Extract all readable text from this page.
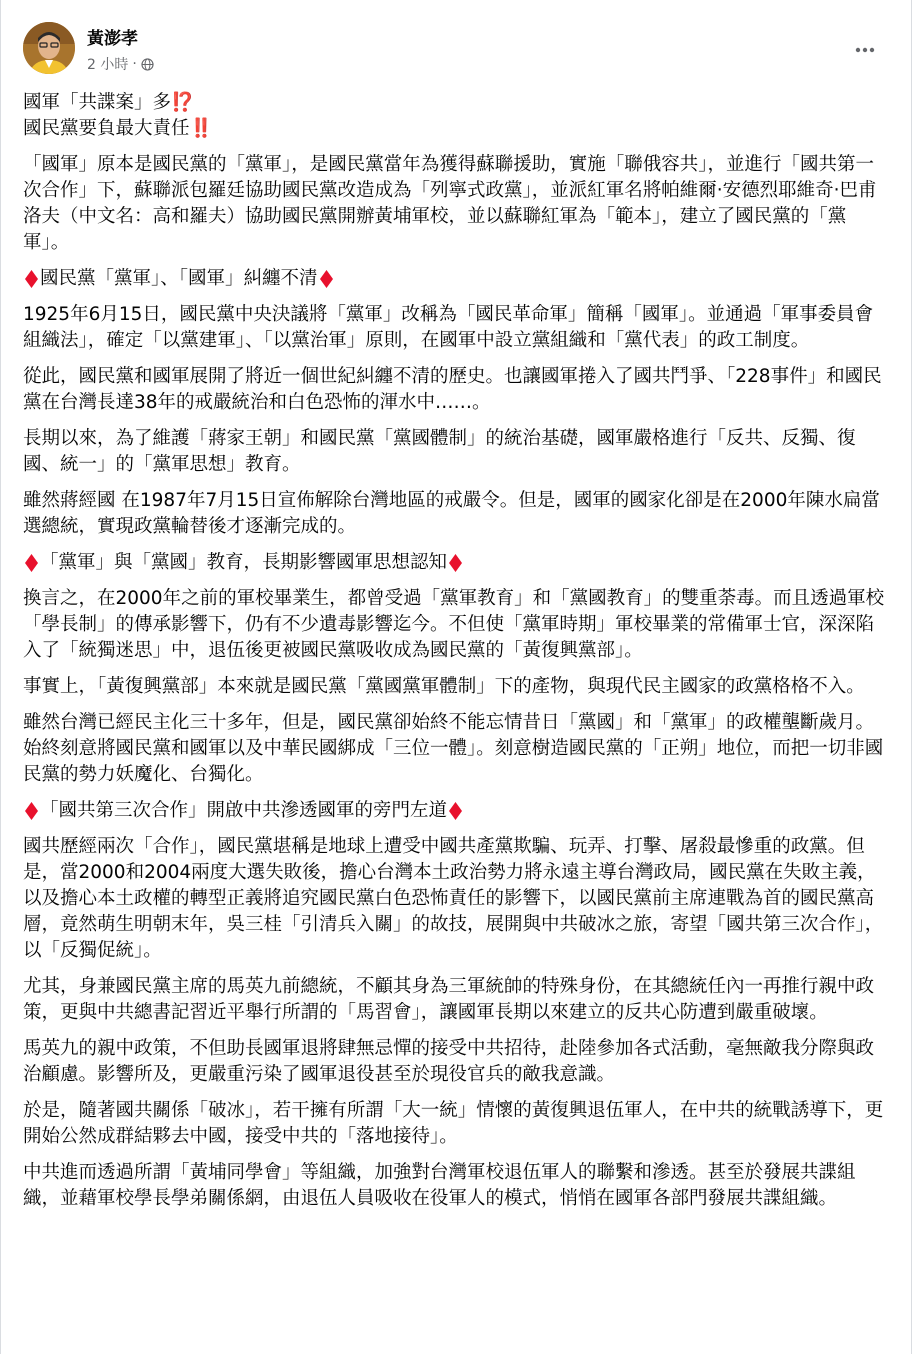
黃澎孝
2 小時 ·

國軍「共諜案」多⁉️

國民黨要負最大責任‼️

「國軍」原本是國民黨的「黨軍」，是國民黨當年為獲得蘇聯援助，實施「聯俄容共」，並進行「國共第一次合作」下，蘇聯派包羅廷協助國民黨改造成為「列寧式政黨」，並派紅軍名將帕維爾·安德烈耶維奇·巴甫洛夫（中文名：高和羅夫）協助國民黨開辦黃埔軍校，並以蘇聯紅軍為「範本」，建立了國民黨的「黨軍」。

國民黨「黨軍」、「國軍」糾纏不清

1925年6月15日，國民黨中央決議將「黨軍」改稱為「國民革命軍」簡稱「國軍」。並通過「軍事委員會組織法」，確定「以黨建軍」、「以黨治軍」原則，在國軍中設立黨組織和「黨代表」的政工制度。

從此，國民黨和國軍展開了將近一個世紀糾纏不清的歷史。也讓國軍捲入了國共鬥爭、「228事件」和國民黨在台灣長達38年的戒嚴統治和白色恐怖的渾水中……。

長期以來，為了維護「蔣家王朝」和國民黨「黨國體制」的統治基礎，國軍嚴格進行「反共、反獨、復國、統一」的「黨軍思想」教育。

雖然蔣經國 在1987年7月15日宣佈解除台灣地區的戒嚴令。但是，國軍的國家化卻是在2000年陳水扁當選總統，實現政黨輪替後才逐漸完成的。

「黨軍」與「黨國」教育，長期影響國軍思想認知

換言之，在2000年之前的軍校畢業生，都曾受過「黨軍教育」和「黨國教育」的雙重荼毒。而且透過軍校「學長制」的傳承影響下，仍有不少遺毒影響迄今。不但使「黨軍時期」軍校畢業的常備軍士官，深深陷入了「統獨迷思」中，退伍後更被國民黨吸收成為國民黨的「黃復興黨部」。

事實上，「黃復興黨部」本來就是國民黨「黨國黨軍體制」下的產物，與現代民主國家的政黨格格不入。

雖然台灣已經民主化三十多年，但是，國民黨卻始終不能忘情昔日「黨國」和「黨軍」的政權壟斷歲月。始終刻意將國民黨和國軍以及中華民國綁成「三位一體」。刻意樹造國民黨的「正朔」地位，而把一切非國民黨的勢力妖魔化、台獨化。

「國共第三次合作」開啟中共滲透國軍的旁門左道

國共歷經兩次「合作」，國民黨堪稱是地球上遭受中國共產黨欺騙、玩弄、打擊、屠殺最慘重的政黨。但是，當2000和2004兩度大選失敗後，擔心台灣本土政治勢力將永遠主導台灣政局，國民黨在失敗主義，以及擔心本土政權的轉型正義將追究國民黨白色恐怖責任的影響下，以國民黨前主席連戰為首的國民黨高層，竟然萌生明朝末年，吳三桂「引清兵入關」的故技，展開與中共破冰之旅，寄望「國共第三次合作」，以「反獨促統」。

尤其，身兼國民黨主席的馬英九前總統，不顧其身為三軍統帥的特殊身份，在其總統任內一再推行親中政策，更與中共總書記習近平舉行所謂的「馬習會」，讓國軍長期以來建立的反共心防遭到嚴重破壞。

馬英九的親中政策，不但助長國軍退將肆無忌憚的接受中共招待，赴陸參加各式活動，毫無敵我分際與政治顧慮。影響所及，更嚴重污染了國軍退役甚至於現役官兵的敵我意識。

於是，隨著國共關係「破冰」，若干擁有所謂「大一統」情懷的黃復興退伍軍人，在中共的統戰誘導下，更開始公然成群結夥去中國，接受中共的「落地接待」。

中共進而透過所謂「黃埔同學會」等組織，加強對台灣軍校退伍軍人的聯繫和滲透。甚至於發展共諜組織，並藉軍校學長學弟關係網，由退伍人員吸收在役軍人的模式，悄悄在國軍各部門發展共諜組織。
